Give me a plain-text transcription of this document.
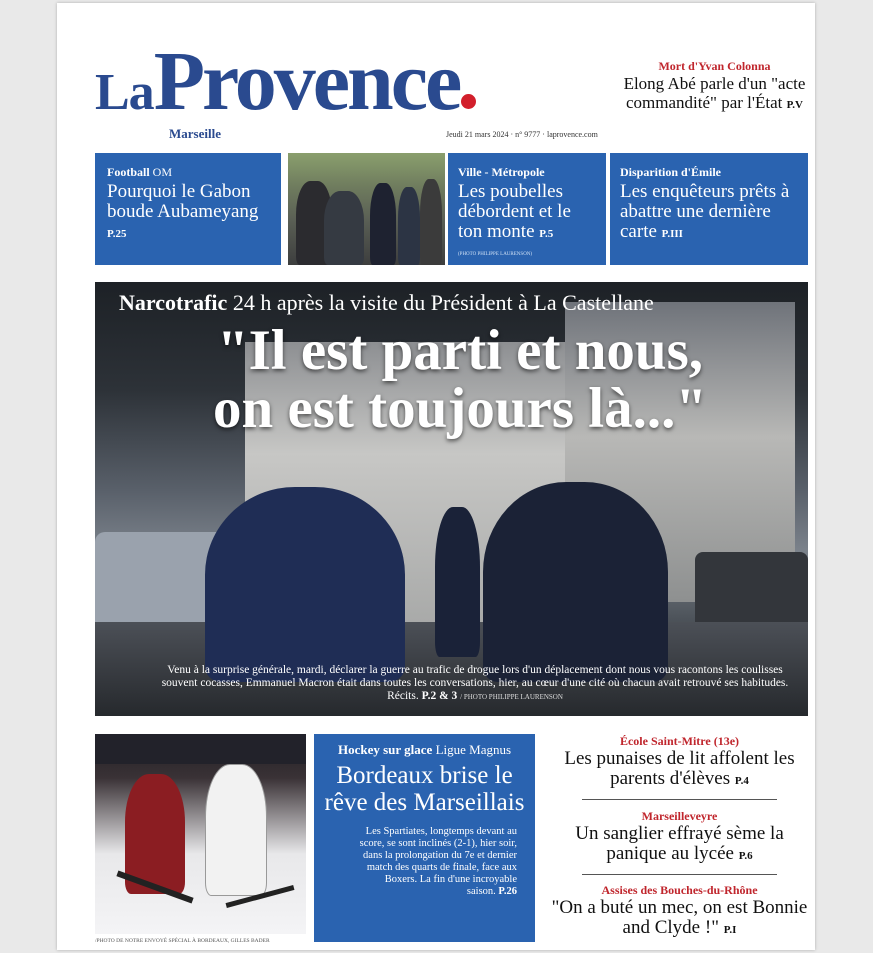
LaProvence
Marseille	Jeudi 21 mars 2024 · n° 9777 · laprovence.com
Mort d'Yvan Colonna
Elong Abé parle d'un "acte commandité" par l'État P.V
Football OM
Pourquoi le Gabon boude Aubameyang P.25
Ville - Métropole
Les poubelles débordent et le ton monte P.5
(PHOTO PHILIPPE LAURENSON)
Disparition d'Émile
Les enquêteurs prêts à abattre une dernière carte P.III
Narcotrafic 24 h après la visite du Président à La Castellane
"Il est parti et nous,
on est toujours là..."
Venu à la surprise générale, mardi, déclarer la guerre au trafic de drogue lors d'un déplacement dont nous vous racontons les coulisses souvent cocasses, Emmanuel Macron était dans toutes les conversations, hier, au cœur d'une cité où chacun avait retrouvé ses habitudes. Récits. P.2 & 3 / PHOTO PHILIPPE LAURENSON
/PHOTO DE NOTRE ENVOYÉ SPÉCIAL À BORDEAUX, GILLES BADER
Hockey sur glace Ligue Magnus
Bordeaux brise le rêve des Marseillais
Les Spartiates, longtemps devant au score, se sont inclinés (2-1), hier soir, dans la prolongation du 7e et dernier match des quarts de finale, face aux Boxers. La fin d'une incroyable saison. P.26
École Saint-Mitre (13e)
Les punaises de lit affolent les parents d'élèves P.4
Marseilleveyre
Un sanglier effrayé sème la panique au lycée P.6
Assises des Bouches-du-Rhône
"On a buté un mec, on est Bonnie and Clyde !" P.I
